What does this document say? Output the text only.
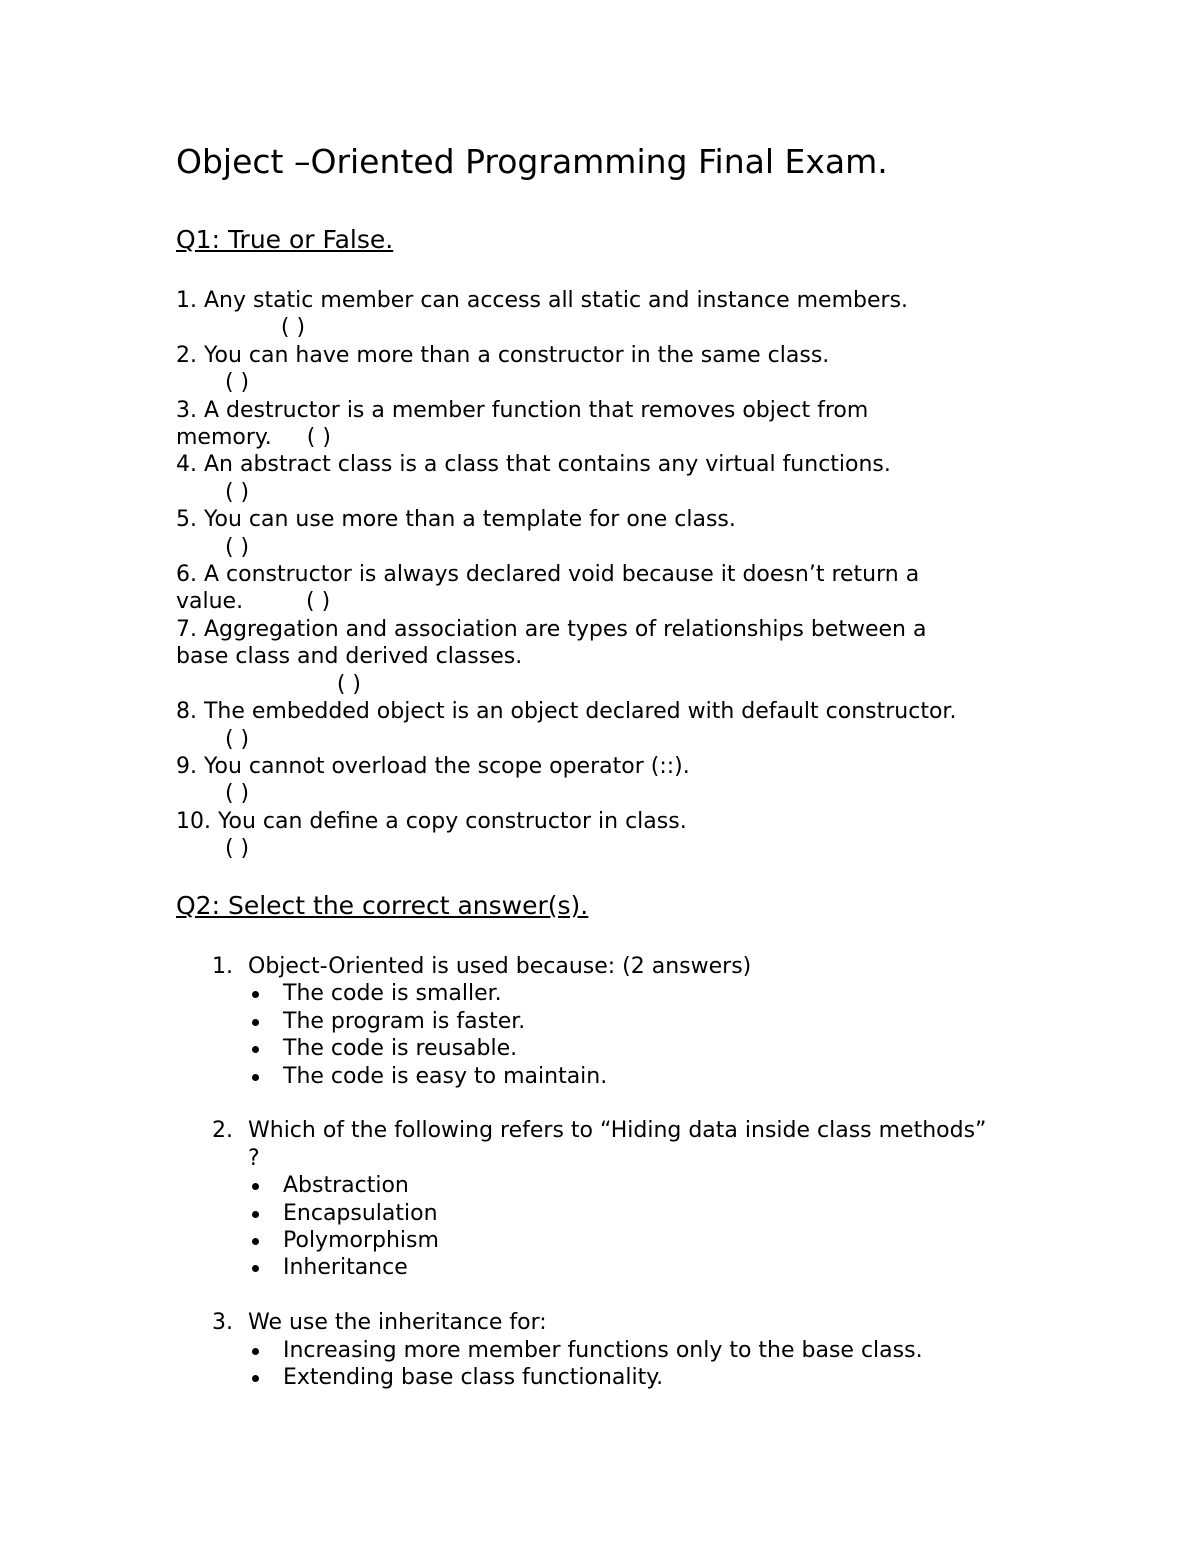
Object –Oriented Programming Final Exam.
Q1: True or False.
1. Any static member can access all static and instance members.
( )
2. You can have more than a constructor in the same class.
( )
3. A destructor is a member function that removes object from
memory. ( )
4. An abstract class is a class that contains any virtual functions.
( )
5. You can use more than a template for one class.
( )
6. A constructor is always declared void because it doesn’t return a
value.	( )
7. Aggregation and association are types of relationships between a
base class and derived classes.
( )
8. The embedded object is an object declared with default constructor.
( )
9. You cannot overload the scope operator (::).
( )
10. You can define a copy constructor in class.
( )
Q2: Select the correct answer(s).
1. Object-Oriented is used because: (2 answers)
The code is smaller.
The program is faster.
The code is reusable.
The code is easy to maintain.
2. Which of the following refers to “Hiding data inside class methods” ?
Abstraction
Encapsulation
Polymorphism
Inheritance
3. We use the inheritance for:
Increasing more member functions only to the base class.
Extending base class functionality.
